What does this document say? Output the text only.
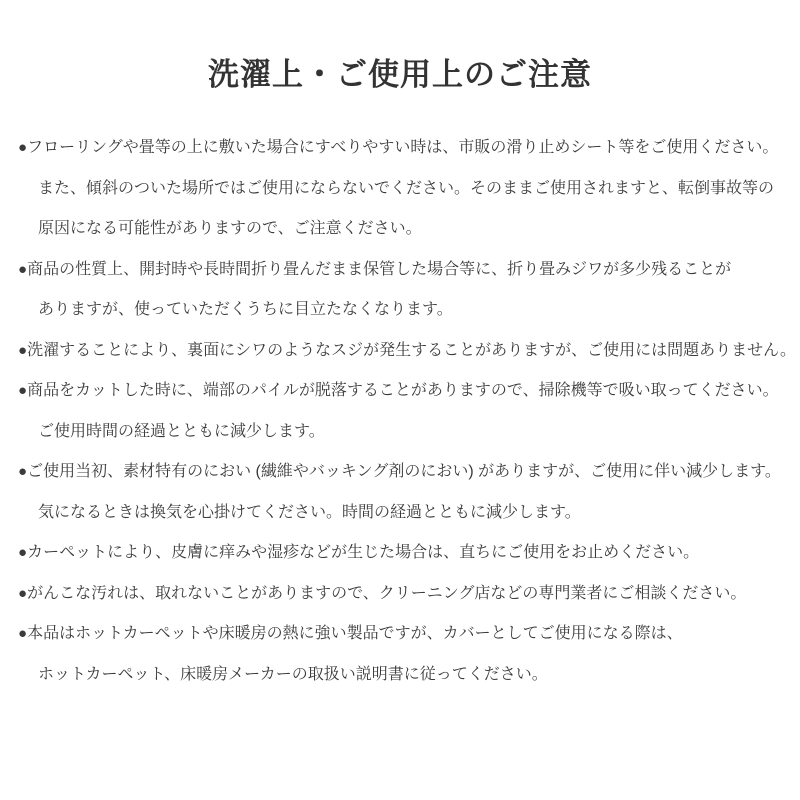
洗濯上・ご使用上のご注意
●フローリングや畳等の上に敷いた場合にすべりやすい時は、市販の滑り止めシート等をご使用ください。
また、傾斜のついた場所ではご使用にならないでください。そのままご使用されますと、転倒事故等の
原因になる可能性がありますので、ご注意ください。
●商品の性質上、開封時や長時間折り畳んだまま保管した場合等に、折り畳みジワが多少残ることが
ありますが、使っていただくうちに目立たなくなります。
●洗濯することにより、裏面にシワのようなスジが発生することがありますが、ご使用には問題ありません。
●商品をカットした時に、端部のパイルが脱落することがありますので、掃除機等で吸い取ってください。
ご使用時間の経過とともに減少します。
●ご使用当初、素材特有のにおい (繊維やバッキング剤のにおい) がありますが、ご使用に伴い減少します。
気になるときは換気を心掛けてください。時間の経過とともに減少します。
●カーペットにより、皮膚に痒みや湿疹などが生じた場合は、直ちにご使用をお止めください。
●がんこな汚れは、取れないことがありますので、クリーニング店などの専門業者にご相談ください。
●本品はホットカーペットや床暖房の熱に強い製品ですが、カバーとしてご使用になる際は、
ホットカーペット、床暖房メーカーの取扱い説明書に従ってください。
